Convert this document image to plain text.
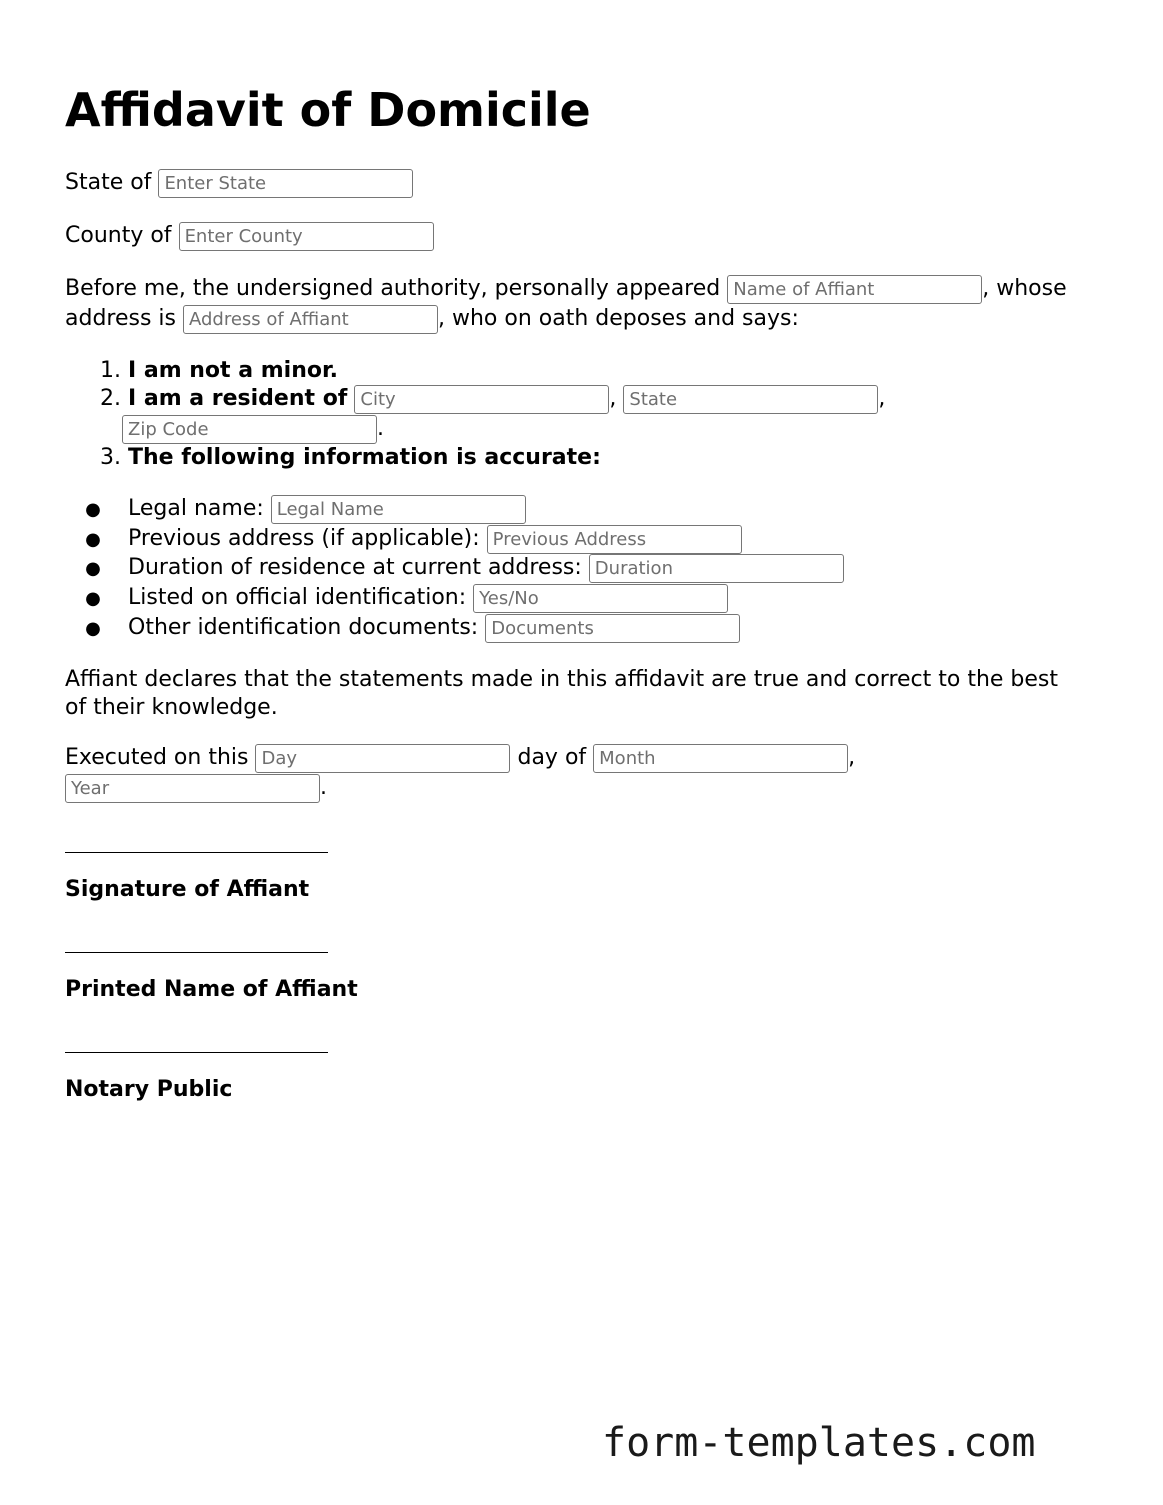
Affidavit of Domicile
State of Enter State
County of Enter County
Before me, the undersigned authority, personally appeared Name of Affiant	, whose
address is Address of Affiant	, who on oath deposes and says:
1. I am not a minor.
2. I am a resident of City	, State	,
Zip Code.
3. The following information is accurate:
● Legal name: Legal Name
● Previous address (if applicable): Previous Address
● Duration of residence at current address: Duration
● Listed on official identification: Yes/No
● Other identification documents: Documents
Affiant declares that the statements made in this affidavit are true and correct to the best
of their knowledge.
Executed on this Day	day of Month	,
Year.
Signature of Affiant
Printed Name of Affiant
Notary Public
form-templates.com
